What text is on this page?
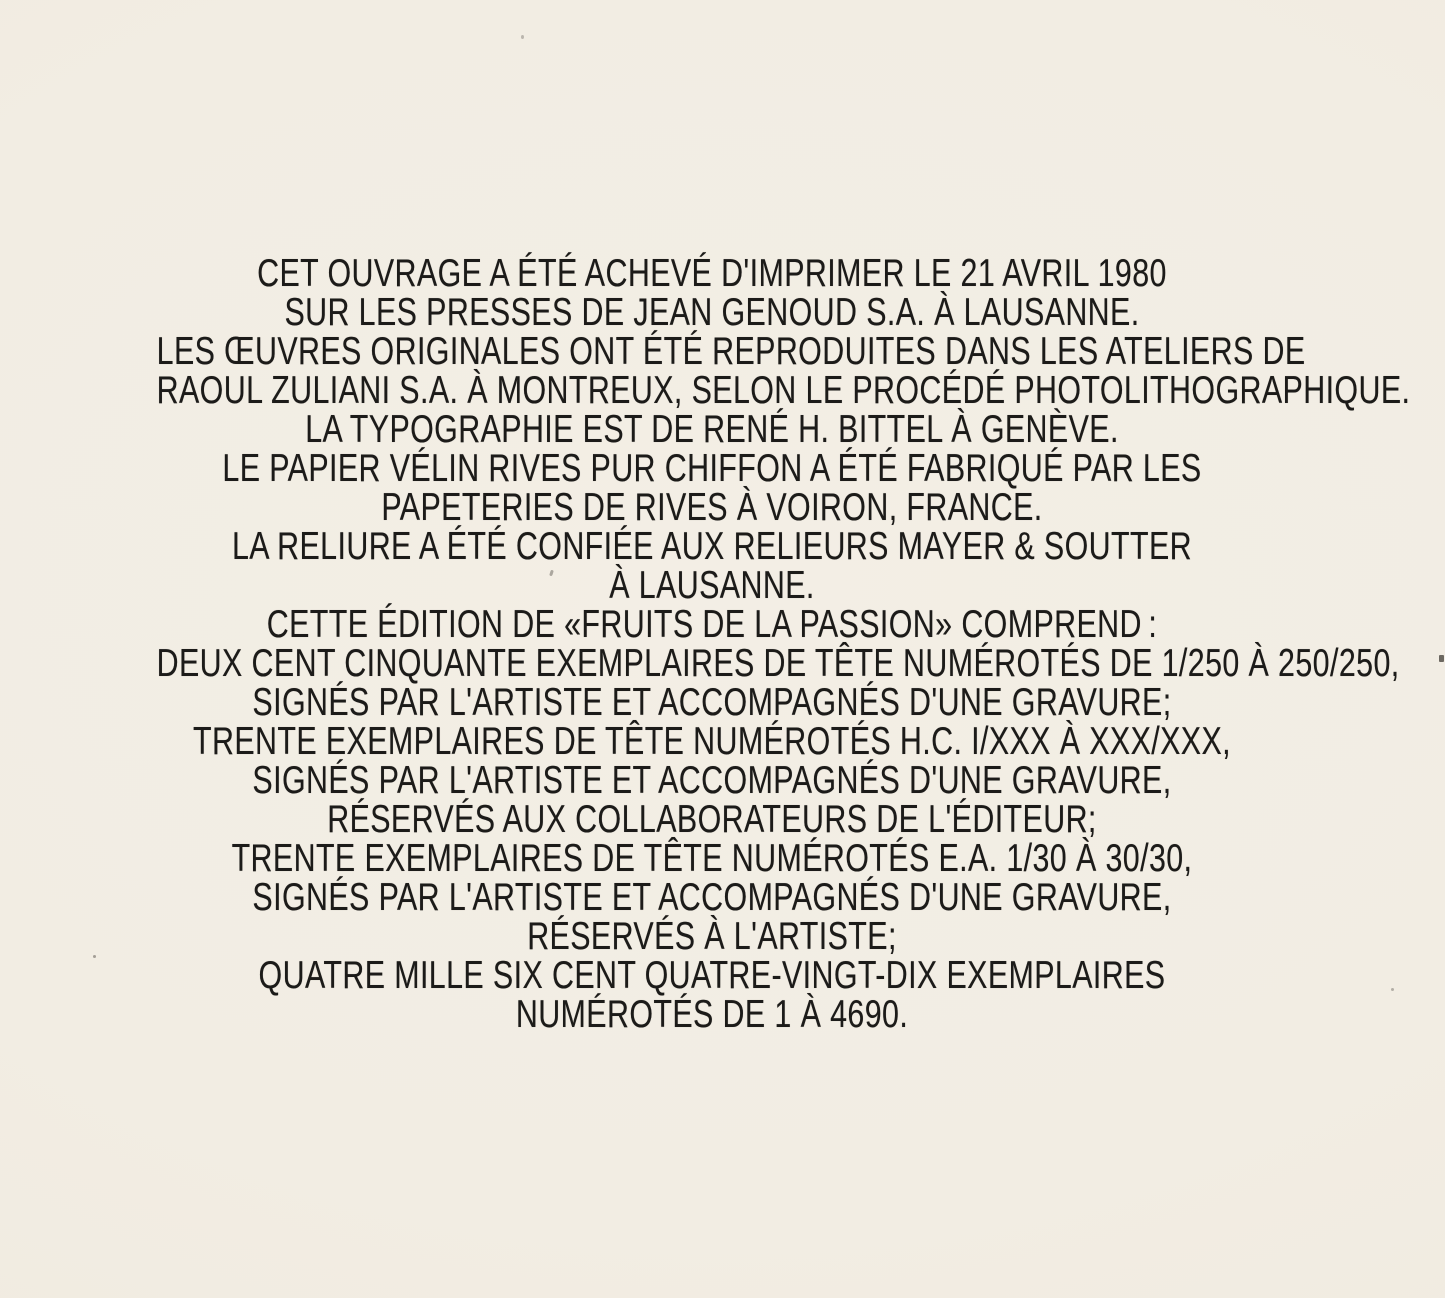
CET OUVRAGE A ÉTÉ ACHEVÉ D'IMPRIMER LE 21 AVRIL 1980
SUR LES PRESSES DE JEAN GENOUD S.A. À LAUSANNE.
LES ŒUVRES ORIGINALES ONT ÉTÉ REPRODUITES DANS LES ATELIERS DE
RAOUL ZULIANI S.A. À MONTREUX, SELON LE PROCÉDÉ PHOTOLITHOGRAPHIQUE.
LA TYPOGRAPHIE EST DE RENÉ H. BITTEL À GENÈVE.
LE PAPIER VÉLIN RIVES PUR CHIFFON A ÉTÉ FABRIQUÉ PAR LES
PAPETERIES DE RIVES À VOIRON, FRANCE.
LA RELIURE A ÉTÉ CONFIÉE AUX RELIEURS MAYER & SOUTTER
À LAUSANNE.
CETTE ÉDITION DE «FRUITS DE LA PASSION» COMPREND :
DEUX CENT CINQUANTE EXEMPLAIRES DE TÊTE NUMÉROTÉS DE 1/250 À 250/250,
SIGNÉS PAR L'ARTISTE ET ACCOMPAGNÉS D'UNE GRAVURE;
TRENTE EXEMPLAIRES DE TÊTE NUMÉROTÉS H.C. I/XXX À XXX/XXX,
SIGNÉS PAR L'ARTISTE ET ACCOMPAGNÉS D'UNE GRAVURE,
RÉSERVÉS AUX COLLABORATEURS DE L'ÉDITEUR;
TRENTE EXEMPLAIRES DE TÊTE NUMÉROTÉS E.A. 1/30 À 30/30,
SIGNÉS PAR L'ARTISTE ET ACCOMPAGNÉS D'UNE GRAVURE,
RÉSERVÉS À L'ARTISTE;
QUATRE MILLE SIX CENT QUATRE-VINGT-DIX EXEMPLAIRES
NUMÉROTÉS DE 1 À 4690.
